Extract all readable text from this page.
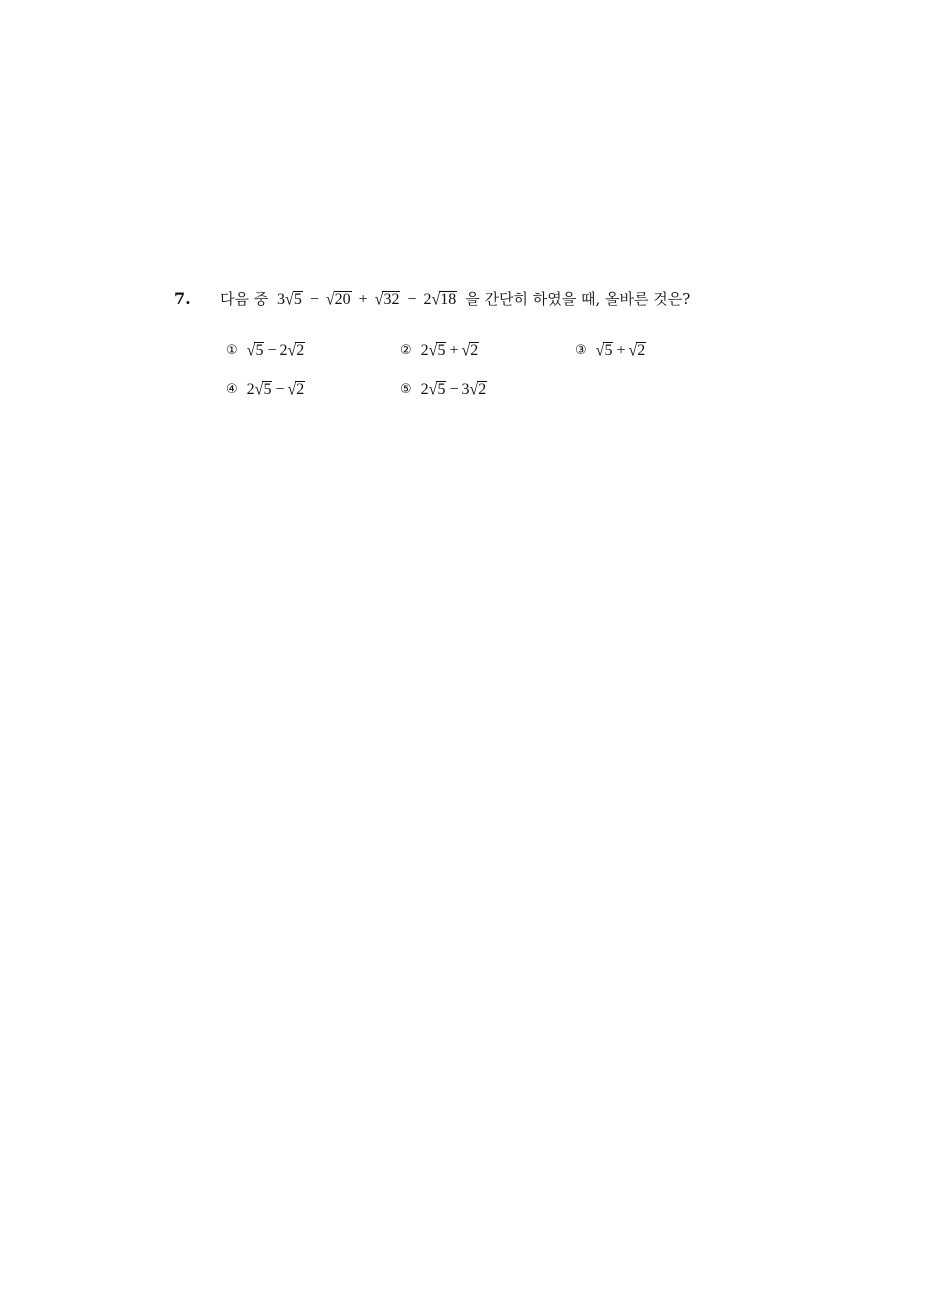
7. 다음 중 3√5 − √20 + √32 − 2√18 을 간단히 하였을 때, 올바른 것은?
① √5 − 2√2	② 2√5 + √2	③ √5 + √2
④ 2√5 − √2	⑤ 2√5 − 3√2
